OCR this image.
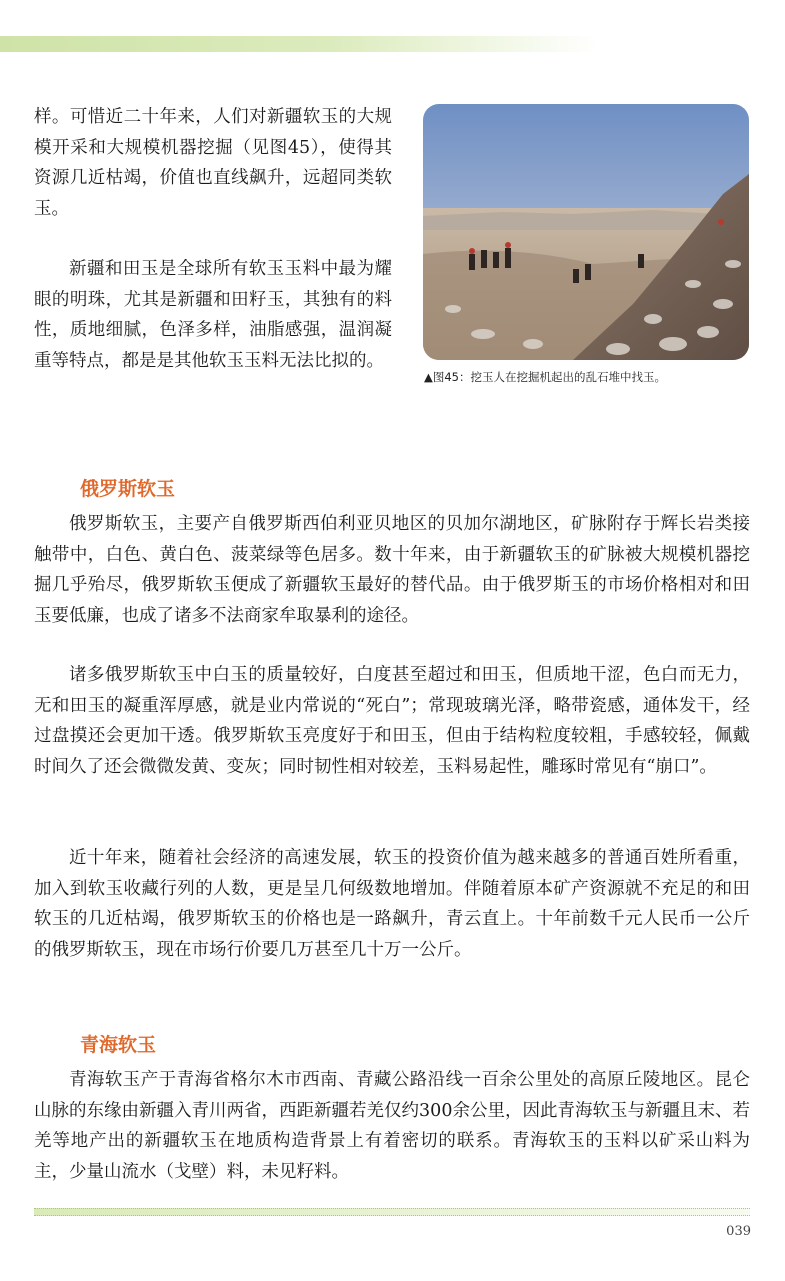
样。可惜近二十年来，人们对新疆软玉的大规模开采和大规模机器挖掘（见图45），使得其资源几近枯竭，价值也直线飙升，远超同类软玉。

新疆和田玉是全球所有软玉玉料中最为耀眼的明珠，尤其是新疆和田籽玉，其独有的料性，质地细腻，色泽多样，油脂感强，温润凝重等特点，都是是其他软玉玉料无法比拟的。

▲图45：挖玉人在挖掘机起出的乱石堆中找玉。

俄罗斯软玉

俄罗斯软玉，主要产自俄罗斯西伯利亚贝地区的贝加尔湖地区，矿脉附存于辉长岩类接触带中，白色、黄白色、菠菜绿等色居多。数十年来，由于新疆软玉的矿脉被大规模机器挖掘几乎殆尽，俄罗斯软玉便成了新疆软玉最好的替代品。由于俄罗斯玉的市场价格相对和田玉要低廉，也成了诸多不法商家牟取暴利的途径。

诸多俄罗斯软玉中白玉的质量较好，白度甚至超过和田玉，但质地干涩，色白而无力，无和田玉的凝重浑厚感，就是业内常说的“死白”；常现玻璃光泽，略带瓷感，通体发干，经过盘摸还会更加干透。俄罗斯软玉亮度好于和田玉，但由于结构粒度较粗，手感较轻，佩戴时间久了还会微微发黄、变灰；同时韧性相对较差，玉料易起性，雕琢时常见有“崩口”。

近十年来，随着社会经济的高速发展，软玉的投资价值为越来越多的普通百姓所看重，加入到软玉收藏行列的人数，更是呈几何级数地增加。伴随着原本矿产资源就不充足的和田软玉的几近枯竭，俄罗斯软玉的价格也是一路飙升，青云直上。十年前数千元人民币一公斤的俄罗斯软玉，现在市场行价要几万甚至几十万一公斤。

青海软玉

青海软玉产于青海省格尔木市西南、青藏公路沿线一百余公里处的高原丘陵地区。昆仑山脉的东缘由新疆入青川两省，西距新疆若羌仅约300余公里，因此青海软玉与新疆且末、若羌等地产出的新疆软玉在地质构造背景上有着密切的联系。青海软玉的玉料以矿采山料为主，少量山流水（戈壁）料，未见籽料。

039
